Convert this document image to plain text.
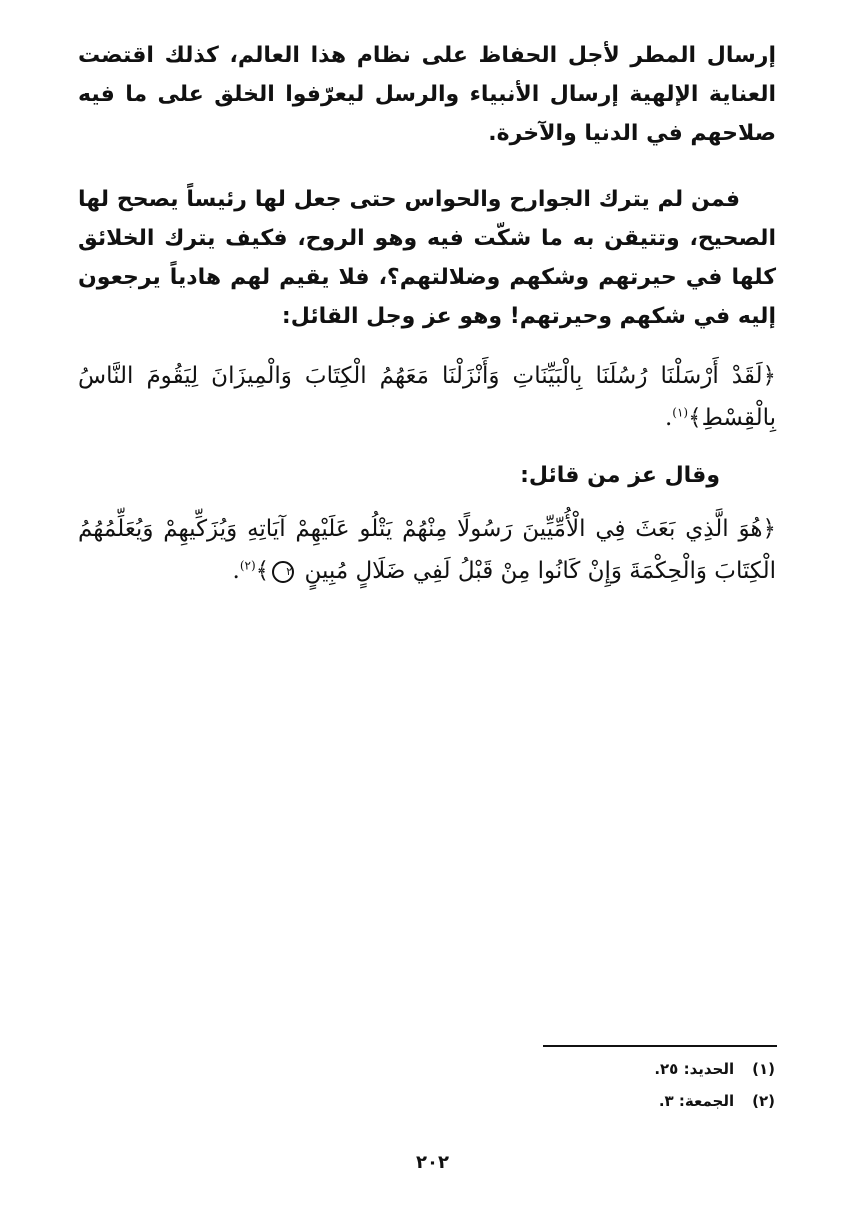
إرسال المطر لأجل الحفاظ على نظام هذا العالم، كذلك اقتضت العناية الإلهية إرسال الأنبياء والرسل ليعرّفوا الخلق على ما فيه صلاحهم في الدنيا والآخرة.

فمن لم يترك الجوارح والحواس حتى جعل لها رئيساً يصحح لها الصحيح، وتتيقن به ما شكّت فيه وهو الروح، فكيف يترك الخلائق كلها في حيرتهم وشكهم وضلالتهم؟، فلا يقيم لهم هادياً يرجعون إليه في شكهم وحيرتهم! وهو عز وجل القائل:

﴿لَقَدْ أَرْسَلْنَا رُسُلَنَا بِالْبَيِّنَاتِ وَأَنْزَلْنَا مَعَهُمُ الْكِتَابَ وَالْمِيزَانَ لِيَقُومَ النَّاسُ بِالْقِسْطِ﴾$^{(١)}$.

وقال عز من قائل:

﴿هُوَ الَّذِي بَعَثَ فِي الْأُمِّيِّينَ رَسُولًا مِنْهُمْ يَتْلُو عَلَيْهِمْ آيَاتِهِ وَيُزَكِّيهِمْ وَيُعَلِّمُهُمُ الْكِتَابَ وَالْحِكْمَةَ وَإِنْ كَانُوا مِنْ قَبْلُ لَفِي ضَلَالٍ مُبِينٍ ٢﴾$^{(٢)}$.

(١)الحديد: ٢٥.
(٢)الجمعة: ٣.
٢٠٢
